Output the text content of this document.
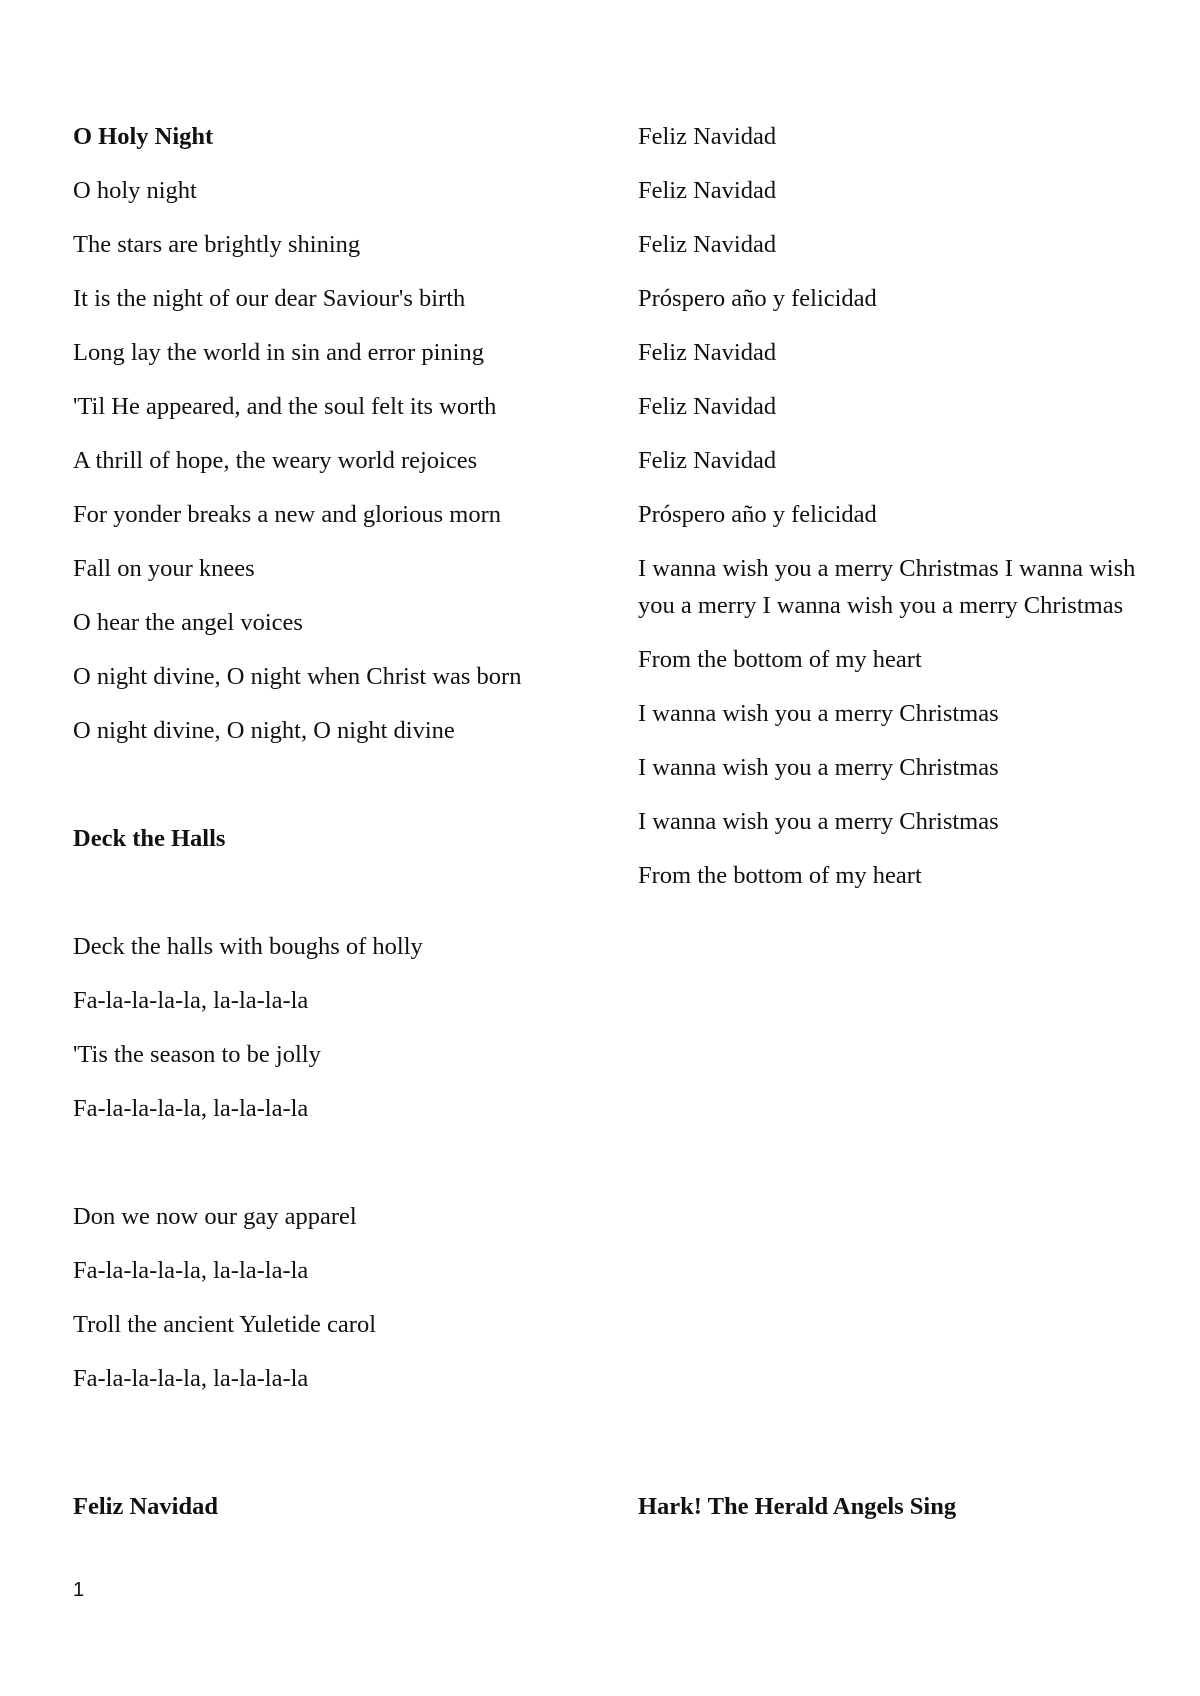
O Holy Night
O holy night
The stars are brightly shining
It is the night of our dear Saviour's birth
Long lay the world in sin and error pining
'Til He appeared, and the soul felt its worth
A thrill of hope, the weary world rejoices
For yonder breaks a new and glorious morn
Fall on your knees
O hear the angel voices
O night divine, O night when Christ was born
O night divine, O night, O night divine
Deck the Halls
Deck the halls with boughs of holly
Fa-la-la-la-la, la-la-la-la
'Tis the season to be jolly
Fa-la-la-la-la, la-la-la-la
Don we now our gay apparel
Fa-la-la-la-la, la-la-la-la
Troll the ancient Yuletide carol
Fa-la-la-la-la, la-la-la-la
Feliz Navidad
Feliz Navidad
Feliz Navidad
Próspero año y felicidad
Feliz Navidad
Feliz Navidad
Feliz Navidad
Próspero año y felicidad
I wanna wish you a merry Christmas I wanna wish you a merry I wanna wish you a merry Christmas
From the bottom of my heart
I wanna wish you a merry Christmas
I wanna wish you a merry Christmas
I wanna wish you a merry Christmas
From the bottom of my heart
Feliz Navidad	Hark! The Herald Angels Sing
1
